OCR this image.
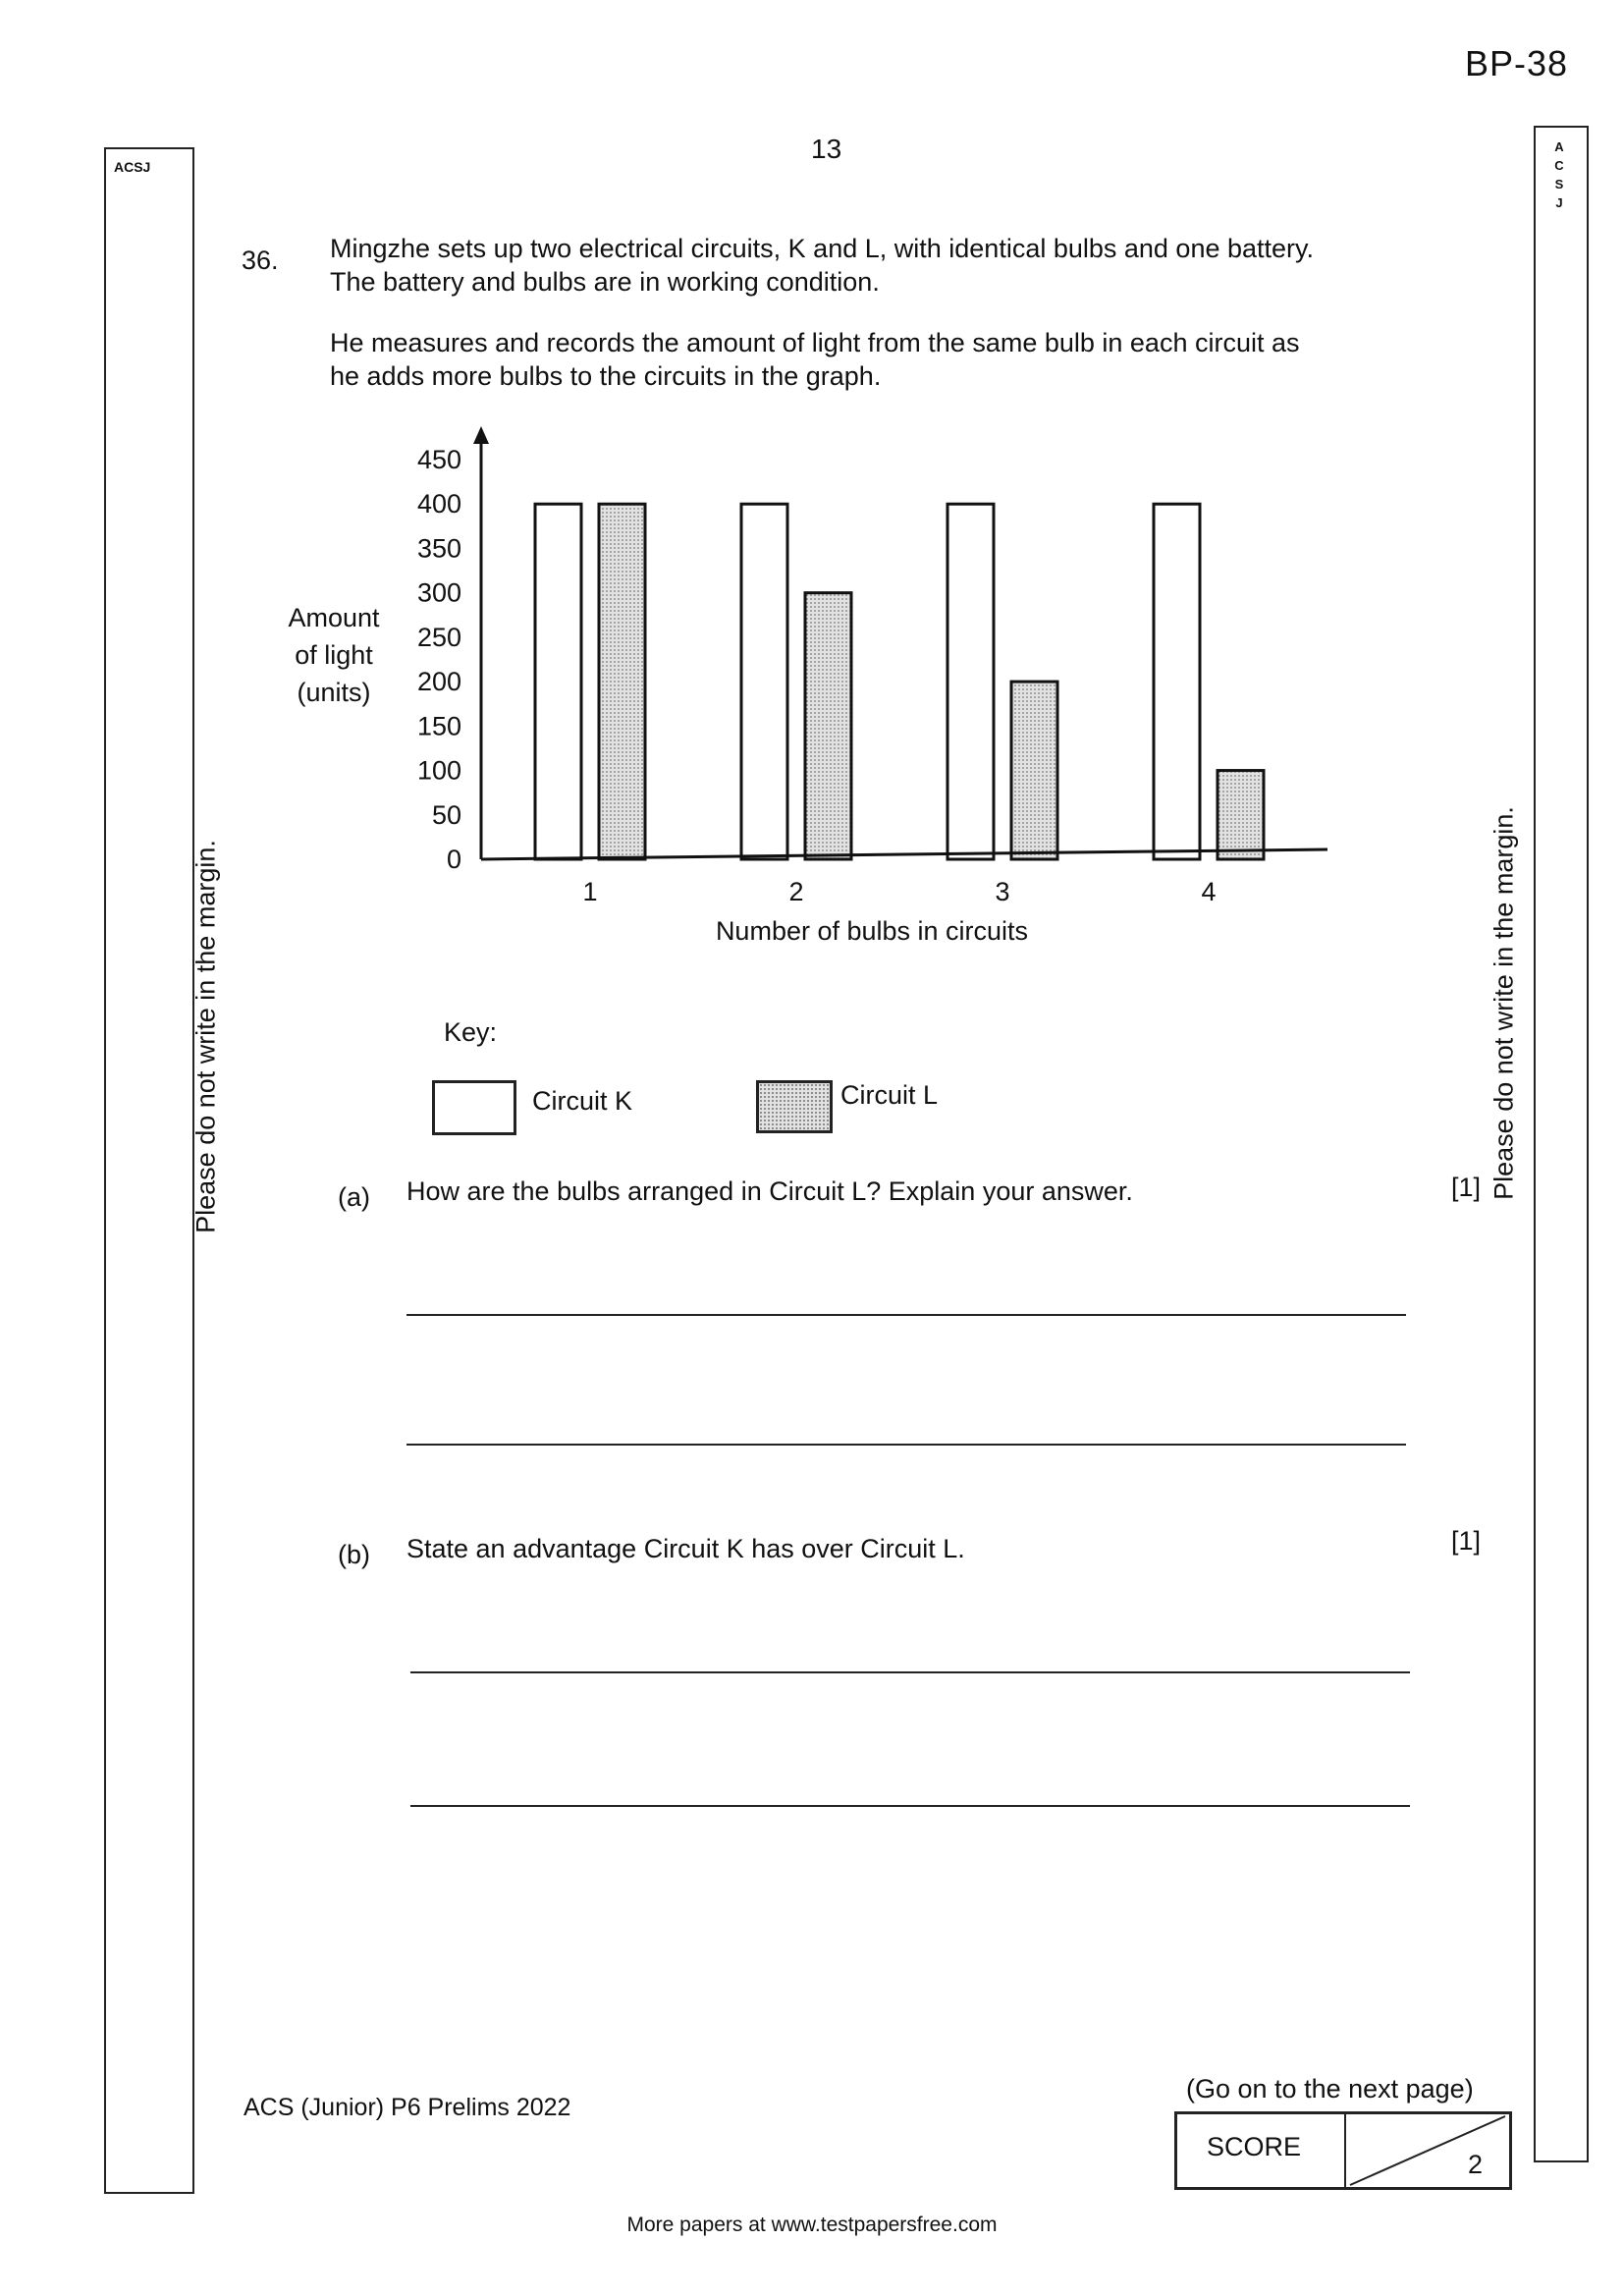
BP-38
13
ACSJ
Please do not write in the margin.
A
C
S
J
Please do not write in the margin.
36. Mingzhe sets up two electrical circuits, K and L, with identical bulbs and one battery.
The battery and bulbs are in working condition.
He measures and records the amount of light from the same bulb in each circuit as
he adds more bulbs to the circuits in the graph.
Amount
of light
(units)
0
50
100
150
200
250
300
350
400
450
1	2	3	4
Number of bulbs in circuits
Key:
Circuit K	Circuit L
(a) How are the bulbs arranged in Circuit L? Explain your answer.	[1]
(b) State an advantage Circuit K has over Circuit L.	[1]
ACS (Junior) P6 Prelims 2022
(Go on to the next page)
SCORE
2
More papers at www.testpapersfree.com
